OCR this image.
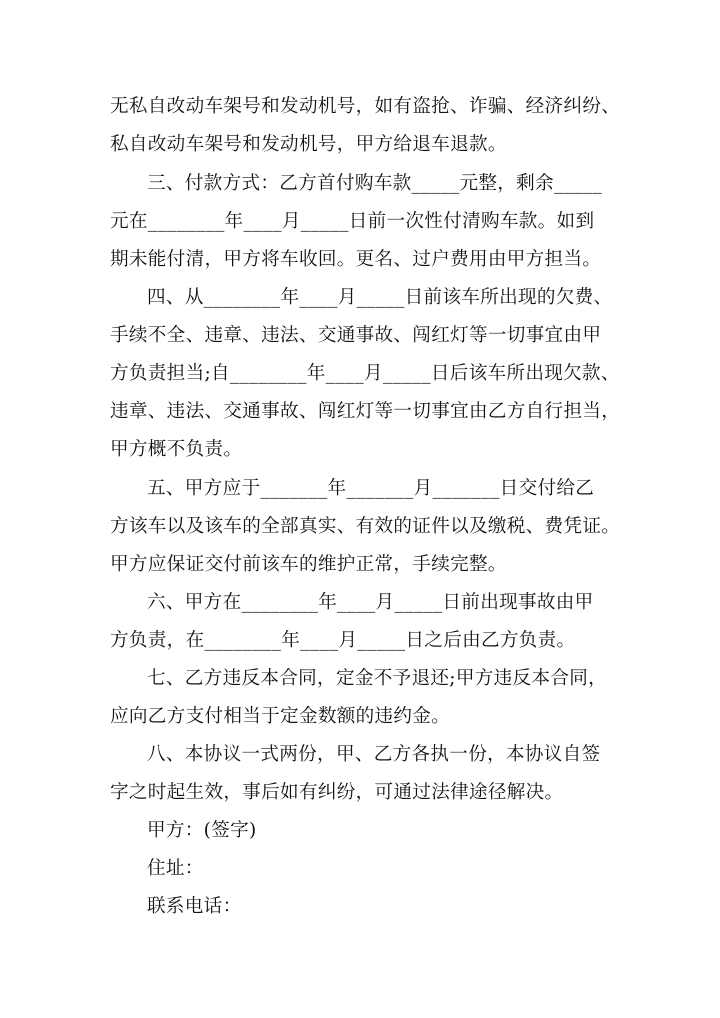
无私自改动车架号和发动机号，如有盗抢、诈骗、经济纠纷、
私自改动车架号和发动机号，甲方给退车退款。
三、付款方式：乙方首付购车款_____元整，剩余_____
元在________年____月_____日前一次性付清购车款。如到
期未能付清，甲方将车收回。更名、过户费用由甲方担当。
四、从________年____月_____日前该车所出现的欠费、
手续不全、违章、违法、交通事故、闯红灯等一切事宜由甲
方负责担当;自________年____月_____日后该车所出现欠款、
违章、违法、交通事故、闯红灯等一切事宜由乙方自行担当，
甲方概不负责。
五、甲方应于_______年_______月_______日交付给乙
方该车以及该车的全部真实、有效的证件以及缴税、费凭证。
甲方应保证交付前该车的维护正常，手续完整。
六、甲方在________年____月_____日前出现事故由甲
方负责，在________年____月_____日之后由乙方负责。
七、乙方违反本合同，定金不予退还;甲方违反本合同，
应向乙方支付相当于定金数额的违约金。
八、本协议一式两份，甲、乙方各执一份，本协议自签
字之时起生效，事后如有纠纷，可通过法律途径解决。
甲方：(签字)
住址：
联系电话：
